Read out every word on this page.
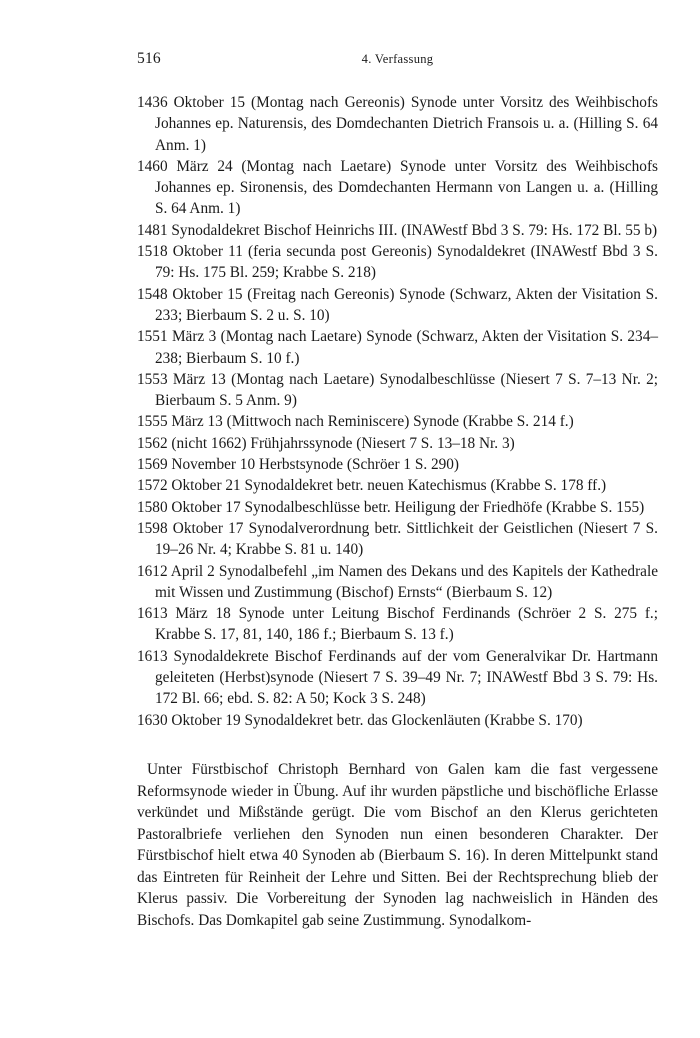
516	4. Verfassung
1436 Oktober 15 (Montag nach Gereonis) Synode unter Vorsitz des Weihbischofs Johannes ep. Naturensis, des Domdechanten Dietrich Fransois u. a. (Hilling S. 64 Anm. 1)
1460 März 24 (Montag nach Laetare) Synode unter Vorsitz des Weihbischofs Johannes ep. Sironensis, des Domdechanten Hermann von Langen u. a. (Hilling S. 64 Anm. 1)
1481 Synodaldekret Bischof Heinrichs III. (INAWestf Bbd 3 S. 79: Hs. 172 Bl. 55 b)
1518 Oktober 11 (feria secunda post Gereonis) Synodaldekret (INAWestf Bbd 3 S. 79: Hs. 175 Bl. 259; Krabbe S. 218)
1548 Oktober 15 (Freitag nach Gereonis) Synode (Schwarz, Akten der Visitation S. 233; Bierbaum S. 2 u. S. 10)
1551 März 3 (Montag nach Laetare) Synode (Schwarz, Akten der Visitation S. 234–238; Bierbaum S. 10 f.)
1553 März 13 (Montag nach Laetare) Synodalbeschlüsse (Niesert 7 S. 7–13 Nr. 2; Bierbaum S. 5 Anm. 9)
1555 März 13 (Mittwoch nach Reminiscere) Synode (Krabbe S. 214 f.)
1562 (nicht 1662) Frühjahrssynode (Niesert 7 S. 13–18 Nr. 3)
1569 November 10 Herbstsynode (Schröer 1 S. 290)
1572 Oktober 21 Synodaldekret betr. neuen Katechismus (Krabbe S. 178 ff.)
1580 Oktober 17 Synodalbeschlüsse betr. Heiligung der Friedhöfe (Krabbe S. 155)
1598 Oktober 17 Synodalverordnung betr. Sittlichkeit der Geistlichen (Niesert 7 S. 19–26 Nr. 4; Krabbe S. 81 u. 140)
1612 April 2 Synodalbefehl „im Namen des Dekans und des Kapitels der Kathedrale mit Wissen und Zustimmung (Bischof) Ernsts“ (Bierbaum S. 12)
1613 März 18 Synode unter Leitung Bischof Ferdinands (Schröer 2 S. 275 f.; Krabbe S. 17, 81, 140, 186 f.; Bierbaum S. 13 f.)
1613 Synodaldekrete Bischof Ferdinands auf der vom Generalvikar Dr. Hartmann geleiteten (Herbst)synode (Niesert 7 S. 39–49 Nr. 7; INAWestf Bbd 3 S. 79: Hs. 172 Bl. 66; ebd. S. 82: A 50; Kock 3 S. 248)
1630 Oktober 19 Synodaldekret betr. das Glockenläuten (Krabbe S. 170)

Unter Fürstbischof Christoph Bernhard von Galen kam die fast vergessene Reformsynode wieder in Übung. Auf ihr wurden päpstliche und bischöfliche Erlasse verkündet und Mißstände gerügt. Die vom Bischof an den Klerus gerichteten Pastoralbriefe verliehen den Synoden nun einen besonderen Charakter. Der Fürstbischof hielt etwa 40 Synoden ab (Bierbaum S. 16). In deren Mittelpunkt stand das Eintreten für Reinheit der Lehre und Sitten. Bei der Rechtsprechung blieb der Klerus passiv. Die Vorbereitung der Synoden lag nachweislich in Händen des Bischofs. Das Domkapitel gab seine Zustimmung. Synodalkom-
